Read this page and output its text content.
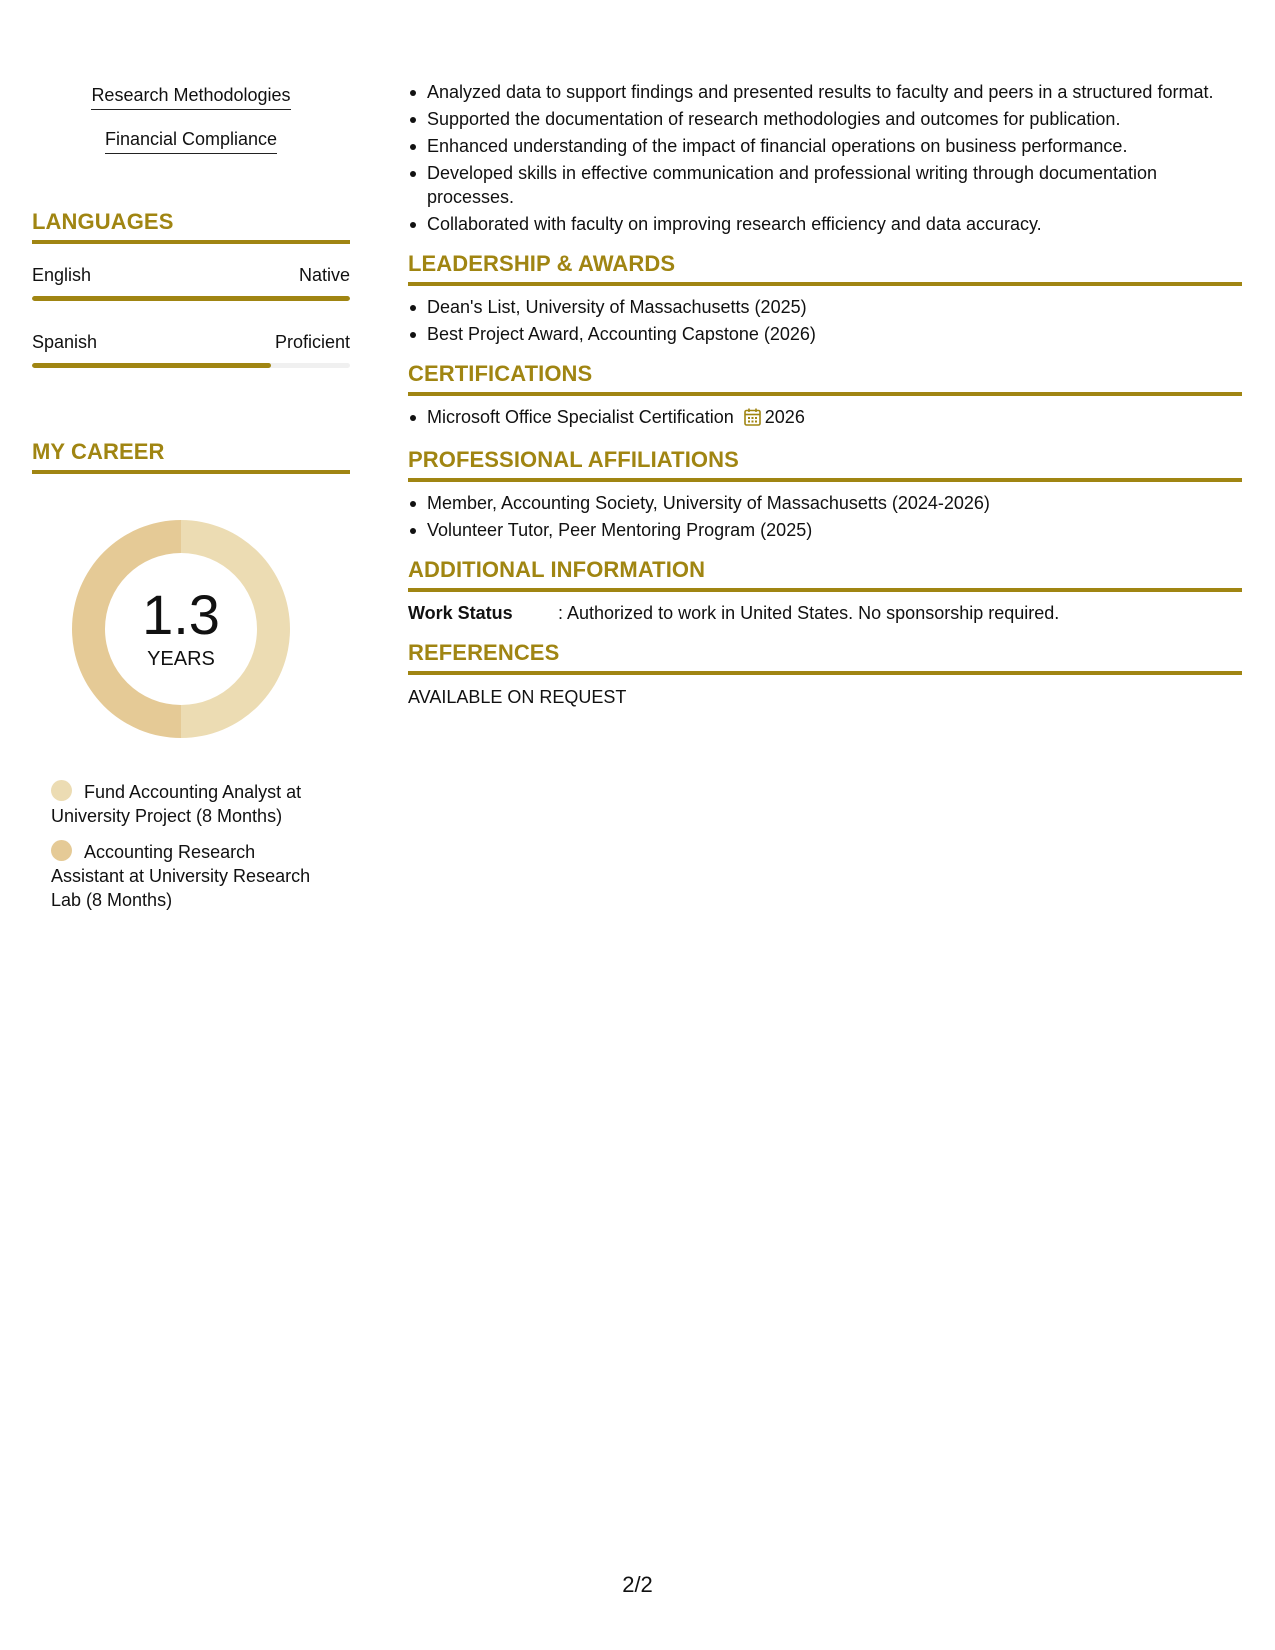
Research Methodologies
Financial Compliance
LANGUAGES
English	Native
Spanish	Proficient
MY CAREER
1.3
YEARS
Fund Accounting Analyst at University Project (8 Months)
Accounting Research Assistant at University Research Lab (8 Months)
Analyzed data to support findings and presented results to faculty and peers in a structured format.
Supported the documentation of research methodologies and outcomes for publication.
Enhanced understanding of the impact of financial operations on business performance.
Developed skills in effective communication and professional writing through documentation processes.
Collaborated with faculty on improving research efficiency and data accuracy.
LEADERSHIP & AWARDS
Dean's List, University of Massachusetts (2025)
Best Project Award, Accounting Capstone (2026)
CERTIFICATIONS
Microsoft Office Specialist Certification 2026
PROFESSIONAL AFFILIATIONS
Member, Accounting Society, University of Massachusetts (2024-2026)
Volunteer Tutor, Peer Mentoring Program (2025)
ADDITIONAL INFORMATION
Work Status	: Authorized to work in United States. No sponsorship required.
REFERENCES
AVAILABLE ON REQUEST
2/2
